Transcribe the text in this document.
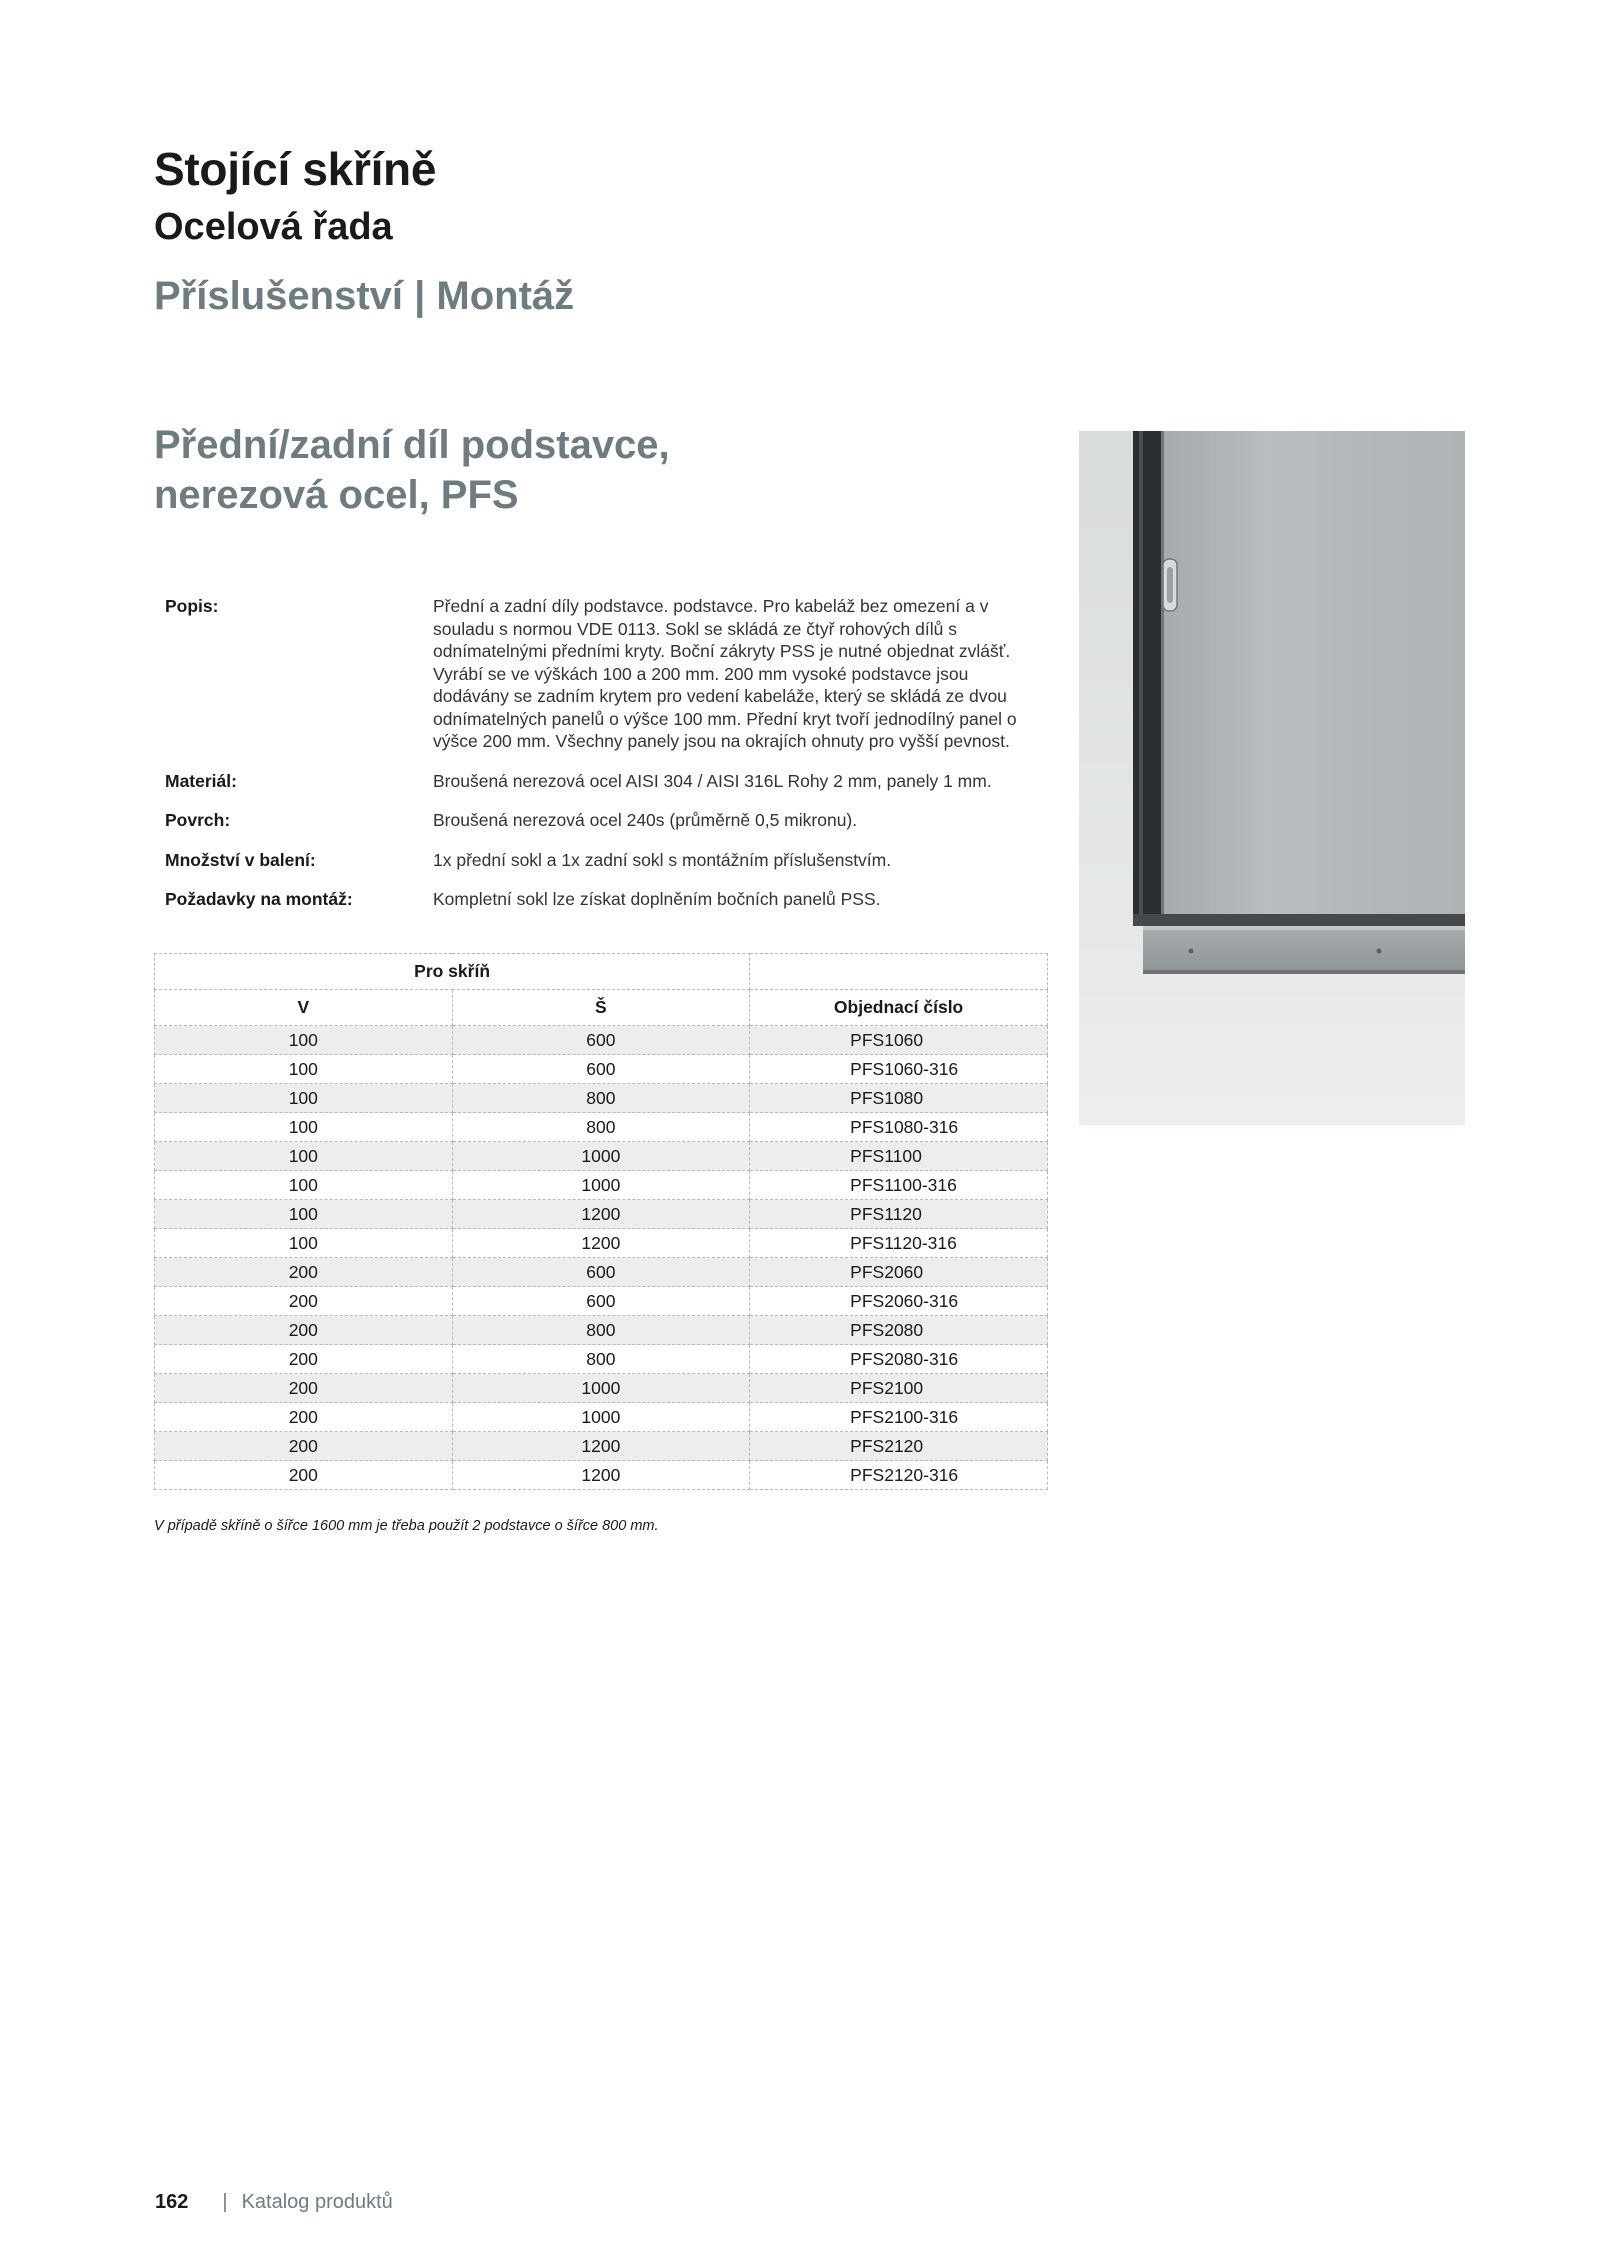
Stojící skříně
Ocelová řada
Příslušenství | Montáž
Přední/zadní díl podstavce,
nerezová ocel, PFS
Popis:	Přední a zadní díly podstavce. podstavce. Pro kabeláž bez omezení a v souladu s normou VDE 0113. Sokl se skládá ze čtyř rohových dílů s odnímatelnými předními kryty. Boční zákryty PSS je nutné objednat zvlášť. Vyrábí se ve výškách 100 a 200 mm. 200 mm vysoké podstavce jsou dodávány se zadním krytem pro vedení kabeláže, který se skládá ze dvou odnímatelných panelů o výšce 100 mm. Přední kryt tvoří jednodílný panel o výšce 200 mm. Všechny panely jsou na okrajích ohnuty pro vyšší pevnost.
Materiál:	Broušená nerezová ocel AISI 304 / AISI 316L Rohy 2 mm, panely 1 mm.
Povrch:	Broušená nerezová ocel 240s (průměrně 0,5 mikronu).
Množství v balení:	1x přední sokl a 1x zadní sokl s montážním příslušenstvím.
Požadavky na montáž:	Kompletní sokl lze získat doplněním bočních panelů PSS.
Pro skříň		
V	Š	Objednací číslo
100	600	PFS1060
100	600	PFS1060-316
100	800	PFS1080
100	800	PFS1080-316
100	1000	PFS1100
100	1000	PFS1100-316
100	1200	PFS1120
100	1200	PFS1120-316
200	600	PFS2060
200	600	PFS2060-316
200	800	PFS2080
200	800	PFS2080-316
200	1000	PFS2100
200	1000	PFS2100-316
200	1200	PFS2120
200	1200	PFS2120-316
V případě skříně o šířce 1600 mm je třeba použít 2 podstavce o šířce 800 mm.
162 | Katalog produktů
